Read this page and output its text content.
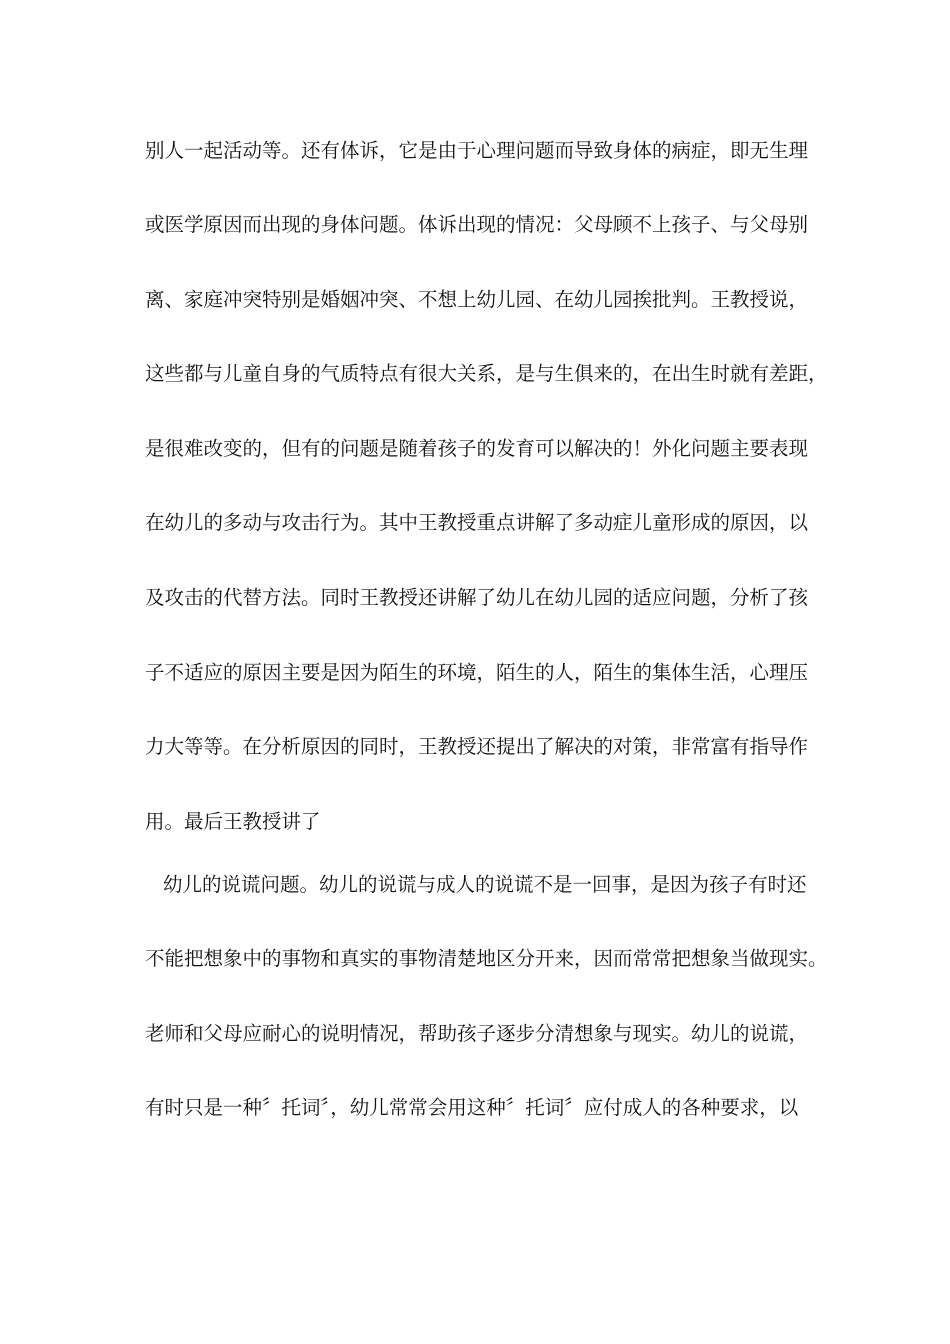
别人一起活动等。还有体诉，它是由于心理问题而导致身体的病症，即无生理
或医学原因而出现的身体问题。体诉出现的情况：父母顾不上孩子、与父母别
离、家庭冲突特别是婚姻冲突、不想上幼儿园、在幼儿园挨批判。王教授说，
这些都与儿童自身的气质特点有很大关系，是与生俱来的，在出生时就有差距，
是很难改变的，但有的问题是随着孩子的发育可以解决的！外化问题主要表现
在幼儿的多动与攻击行为。其中王教授重点讲解了多动症儿童形成的原因，以
及攻击的代替方法。同时王教授还讲解了幼儿在幼儿园的适应问题，分析了孩
子不适应的原因主要是因为陌生的环境，陌生的人，陌生的集体生活，心理压
力大等等。在分析原因的同时，王教授还提出了解决的对策，非常富有指导作
用。最后王教授讲了
幼儿的说谎问题。幼儿的说谎与成人的说谎不是一回事，是因为孩子有时还
不能把想象中的事物和真实的事物清楚地区分开来，因而常常把想象当做现实。
老师和父母应耐心的说明情况，帮助孩子逐步分清想象与现实。幼儿的说谎，
有时只是一种〞托词〞，幼儿常常会用这种〞托词〞应付成人的各种要求，以
